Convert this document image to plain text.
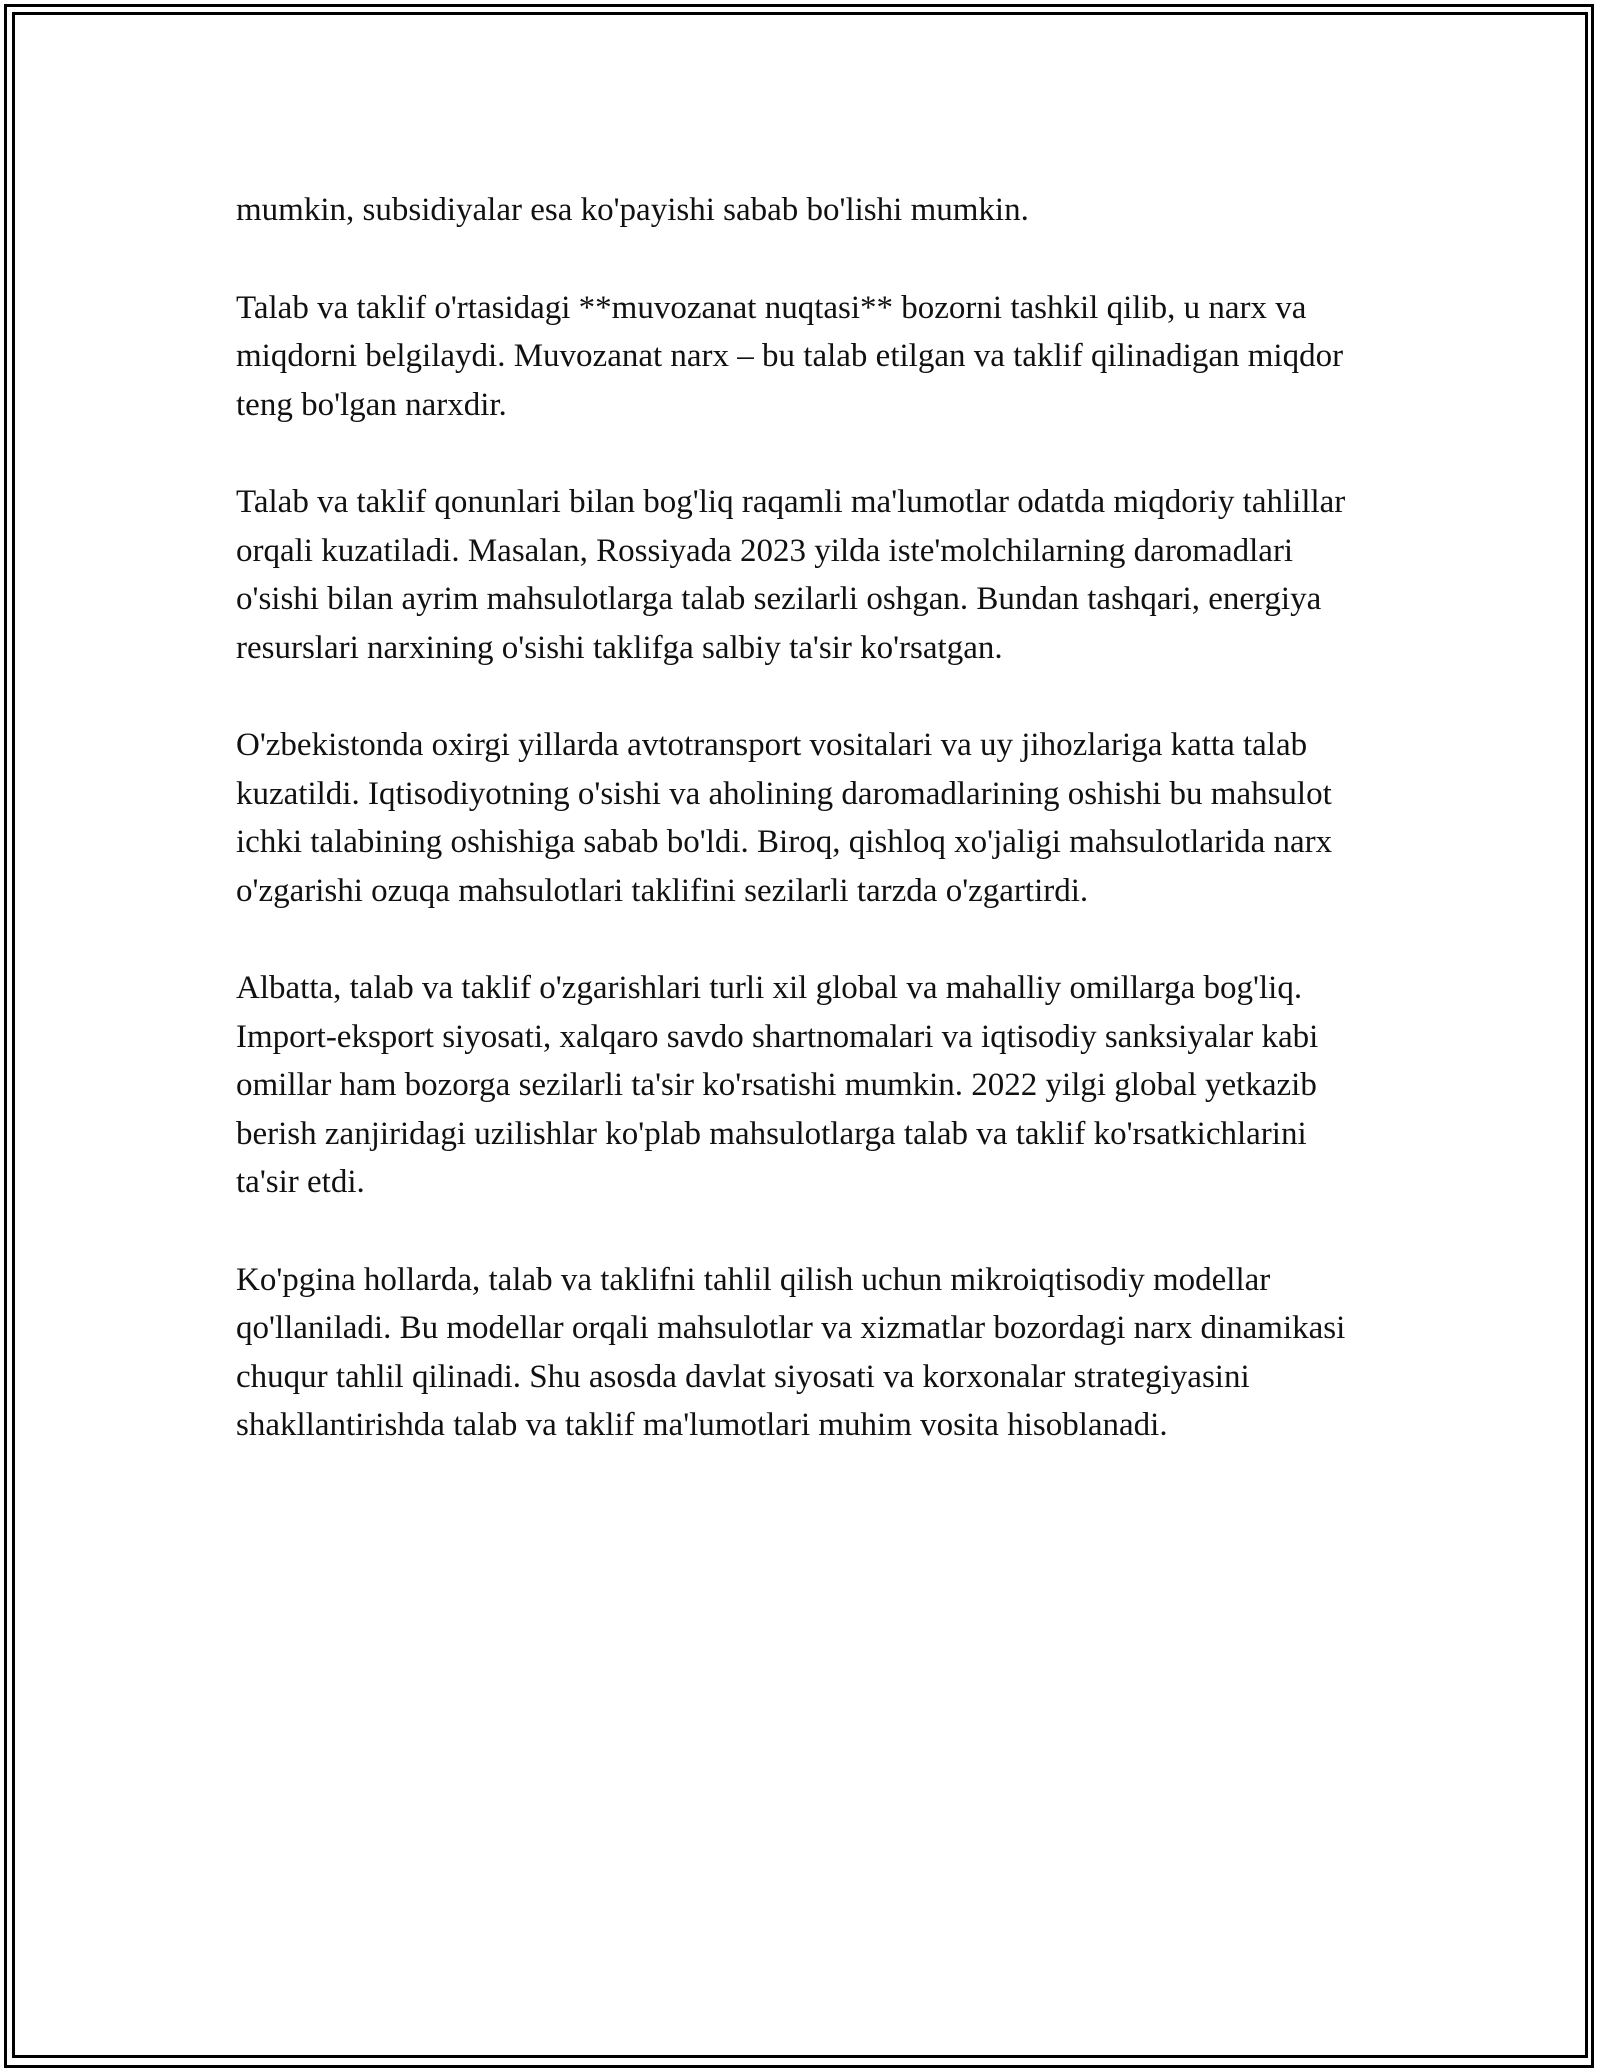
mumkin, subsidiyalar esa ko'payishi sabab bo'lishi mumkin.

Talab va taklif o'rtasidagi **muvozanat nuqtasi** bozorni tashkil qilib, u narx va miqdorni belgilaydi. Muvozanat narx – bu talab etilgan va taklif qilinadigan miqdor teng bo'lgan narxdir.

Talab va taklif qonunlari bilan bog'liq raqamli ma'lumotlar odatda miqdoriy tahlillar orqali kuzatiladi. Masalan, Rossiyada 2023 yilda iste'molchilarning daromadlari o'sishi bilan ayrim mahsulotlarga talab sezilarli oshgan. Bundan tashqari, energiya resurslari narxining o'sishi taklifga salbiy ta'sir ko'rsatgan.

O'zbekistonda oxirgi yillarda avtotransport vositalari va uy jihozlariga katta talab kuzatildi. Iqtisodiyotning o'sishi va aholining daromadlarining oshishi bu mahsulot ichki talabining oshishiga sabab bo'ldi. Biroq, qishloq xo'jaligi mahsulotlarida narx o'zgarishi ozuqa mahsulotlari taklifini sezilarli tarzda o'zgartirdi.

Albatta, talab va taklif o'zgarishlari turli xil global va mahalliy omillarga bog'liq. Import-eksport siyosati, xalqaro savdo shartnomalari va iqtisodiy sanksiyalar kabi omillar ham bozorga sezilarli ta'sir ko'rsatishi mumkin. 2022 yilgi global yetkazib berish zanjiridagi uzilishlar ko'plab mahsulotlarga talab va taklif ko'rsatkichlarini ta'sir etdi.

Ko'pgina hollarda, talab va taklifni tahlil qilish uchun mikroiqtisodiy modellar qo'llaniladi. Bu modellar orqali mahsulotlar va xizmatlar bozordagi narx dinamikasi chuqur tahlil qilinadi. Shu asosda davlat siyosati va korxonalar strategiyasini shakllantirishda talab va taklif ma'lumotlari muhim vosita hisoblanadi.
